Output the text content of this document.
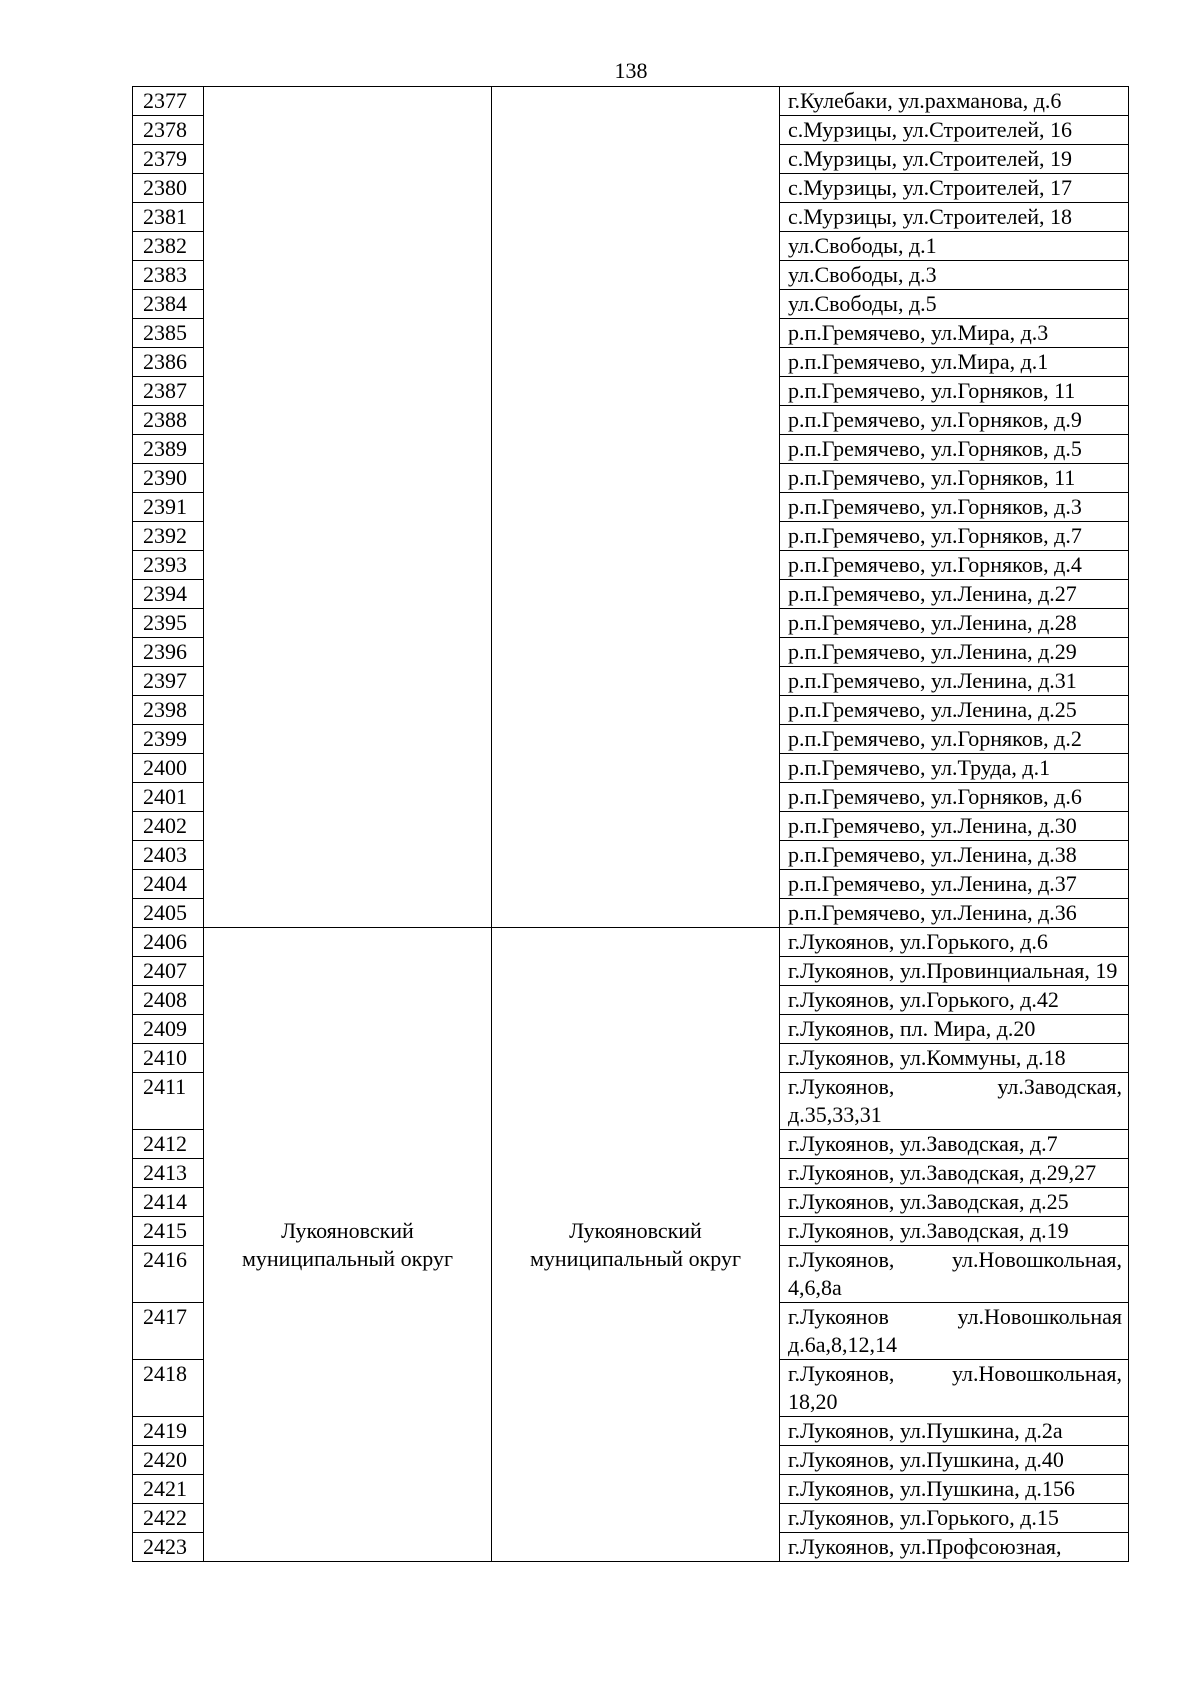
138
2377			г.Кулебаки, ул.рахманова, д.6
2378			с.Мурзицы, ул.Строителей, 16
2379			с.Мурзицы, ул.Строителей, 19
2380			с.Мурзицы, ул.Строителей, 17
2381			с.Мурзицы, ул.Строителей, 18
2382			ул.Свободы, д.1
2383			ул.Свободы, д.3
2384			ул.Свободы, д.5
2385			р.п.Гремячево, ул.Мира, д.3
2386			р.п.Гремячево, ул.Мира, д.1
2387			р.п.Гремячево, ул.Горняков, 11
2388			р.п.Гремячево, ул.Горняков, д.9
2389			р.п.Гремячево, ул.Горняков, д.5
2390			р.п.Гремячево, ул.Горняков, 11
2391			р.п.Гремячево, ул.Горняков, д.3
2392			р.п.Гремячево, ул.Горняков, д.7
2393			р.п.Гремячево, ул.Горняков, д.4
2394			р.п.Гремячево, ул.Ленина, д.27
2395			р.п.Гремячево, ул.Ленина, д.28
2396			р.п.Гремячево, ул.Ленина, д.29
2397			р.п.Гремячево, ул.Ленина, д.31
2398			р.п.Гремячево, ул.Ленина, д.25
2399			р.п.Гремячево, ул.Горняков, д.2
2400			р.п.Гремячево, ул.Труда, д.1
2401			р.п.Гремячево, ул.Горняков, д.6
2402			р.п.Гремячево, ул.Ленина, д.30
2403			р.п.Гремячево, ул.Ленина, д.38
2404			р.п.Гремячево, ул.Ленина, д.37
2405			р.п.Гремячево, ул.Ленина, д.36
2406	Лукояновский муниципальный округ	Лукояновский муниципальный округ	г.Лукоянов, ул.Горького, д.6
2407			г.Лукоянов, ул.Провинциальная, 19
2408			г.Лукоянов, ул.Горького, д.42
2409			г.Лукоянов, пл. Мира, д.20
2410			г.Лукоянов, ул.Коммуны, д.18
2411			г.Лукоянов, ул.Заводская, д.35,33,31
2412			г.Лукоянов, ул.Заводская, д.7
2413			г.Лукоянов, ул.Заводская, д.29,27
2414			г.Лукоянов, ул.Заводская, д.25
2415			г.Лукоянов, ул.Заводская, д.19
2416			г.Лукоянов, ул.Новошкольная, 4,6,8а
2417			г.Лукоянов ул.Новошкольная д.6а,8,12,14
2418			г.Лукоянов, ул.Новошкольная, 18,20
2419			г.Лукоянов, ул.Пушкина, д.2а
2420			г.Лукоянов, ул.Пушкина, д.40
2421			г.Лукоянов, ул.Пушкина, д.156
2422			г.Лукоянов, ул.Горького, д.15
2423			г.Лукоянов, ул.Профсоюзная,
